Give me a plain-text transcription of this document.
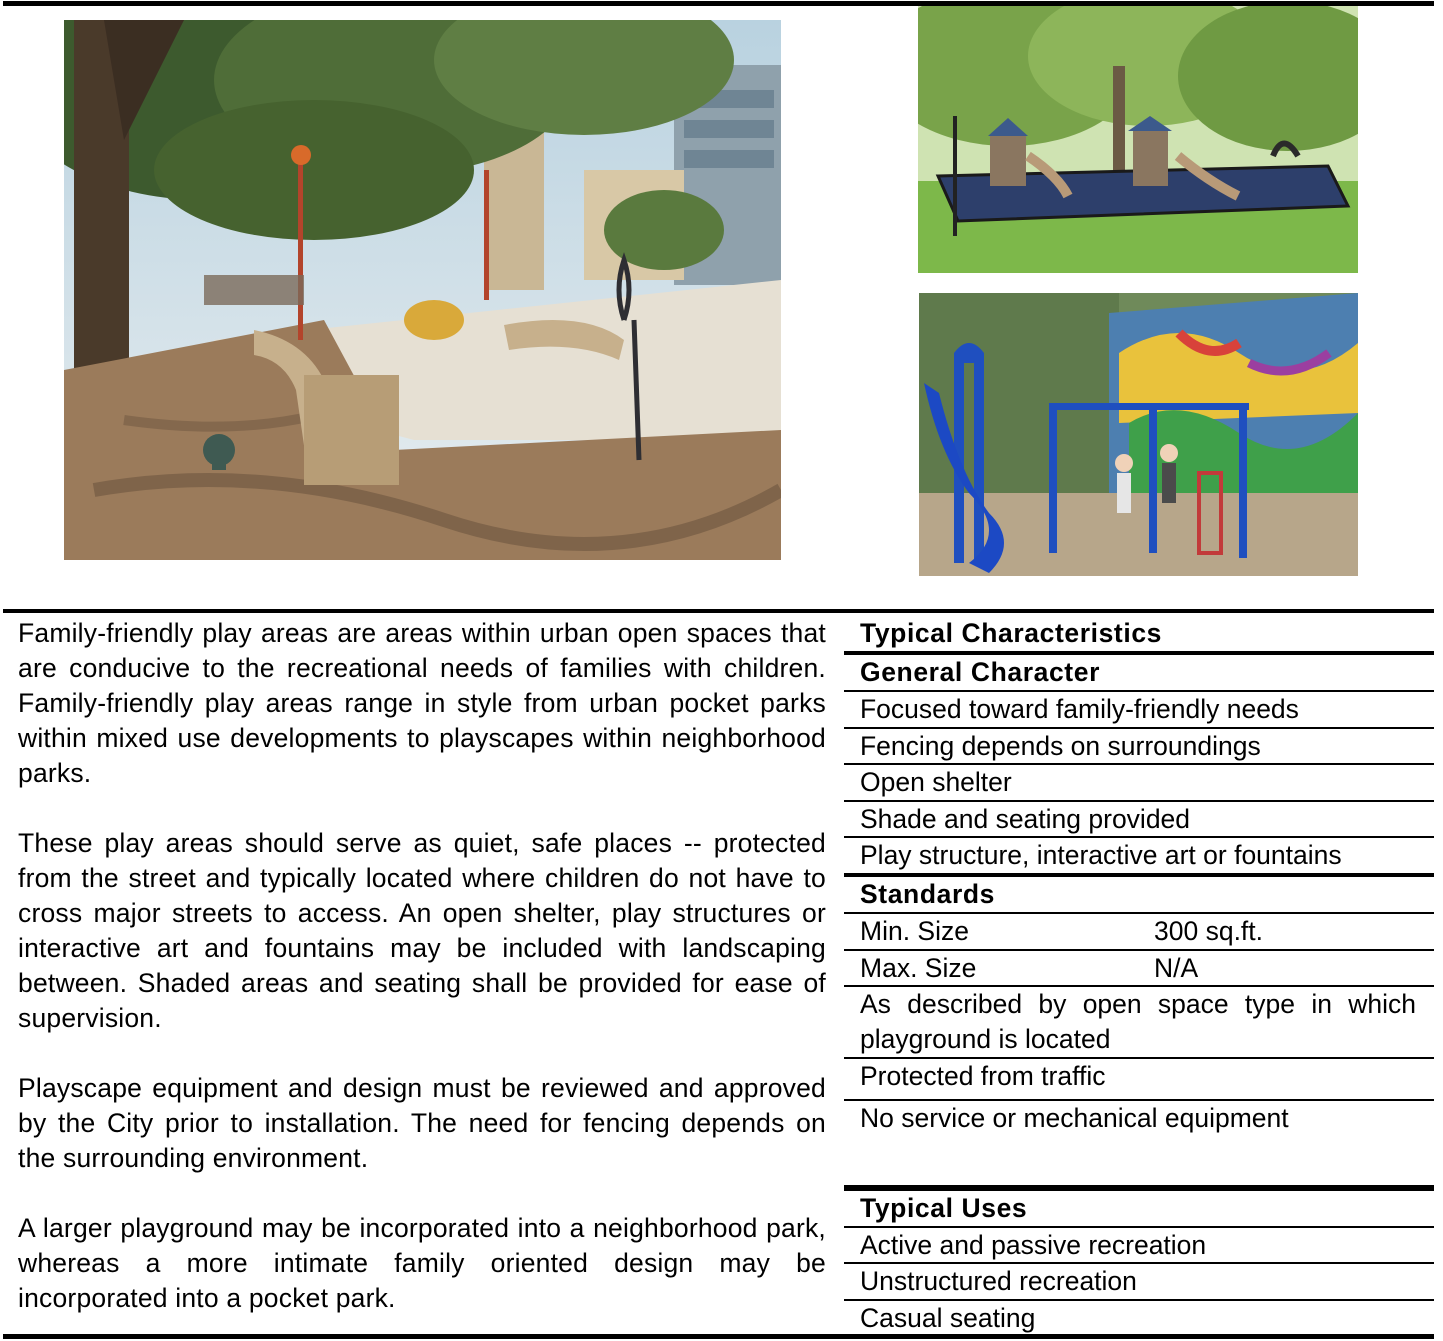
Family-friendly play areas are areas within urban open spaces that are conducive to the recreational needs of families with children. Family-friendly play areas range in style from urban pocket parks within mixed use developments to playscapes within neighborhood parks.

These play areas should serve as quiet, safe places -- protected from the street and typically located where children do not have to cross major streets to access. An open shelter, play structures or interactive art and fountains may be included with landscaping between. Shaded areas and seating shall be provided for ease of supervision.

Playscape equipment and design must be reviewed and approved by the City prior to installation. The need for fencing depends on the surrounding environment.

A larger playground may be incorporated into a neighborhood park, whereas a more intimate family oriented design may be incorporated into a pocket park.

Typical Characteristics
General Character
Focused toward family-friendly needs
Fencing depends on surroundings
Open shelter
Shade and seating provided
Play structure, interactive art or fountains
Standards
Min. Size	300 sq.ft.
Max. Size	N/A
As described by open space type in which playground is located
Protected from traffic
No service or mechanical equipment
Typical Uses
Active and passive recreation
Unstructured recreation
Casual seating
